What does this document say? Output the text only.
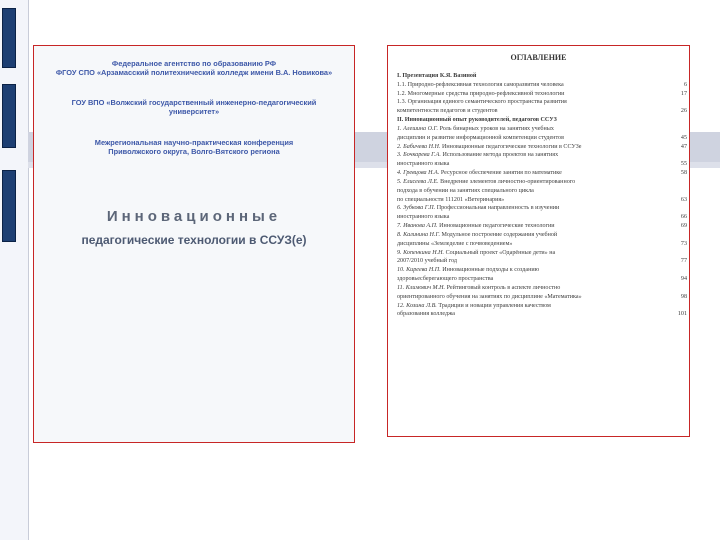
Федеральное агентство по образованию РФ
ФГОУ СПО «Арзамасский политехнический колледж имени В.А. Новикова»
ГОУ ВПО «Волжский государственный инженерно-педагогический
университет»
Межрегиональная научно-практическая конференция
Приволжского округа, Волго-Вятского региона
Инновационные
педагогические технологии в ССУЗ(е)
ОГЛАВЛЕНИЕ
I. Презентация К.Я. Вазиной
1.1. Природно-рефлексивная технология саморазвития человека	6
1.2. Многомерные средства природно-рефлексивной технологии	17
1.3. Организация единого семантического пространства развития
компетентности педагогов и студентов	26
II. Инновационный опыт руководителей, педагогов ССУЗ
1. Алешина О.Г. Роль бинарных уроков на занятиях учебных
дисциплин и развитие информационной компетенции студентов	45
2. Бабичева Н.Н. Инновационные педагогические технологии в ССУЗе	47
3. Бочкарева Г.А. Использование метода проектов на занятиях
иностранного языка	55
4. Гревцова Н.А. Ресурсное обеспечение занятия по математике	58
5. Елисеева Л.Е. Внедрение элементов личностно-ориентированного
подхода в обучении на занятиях специального цикла
по специальности 111201 «Ветеринария»	63
6. Зубкова Г.П. Профессиональная направленность в изучении
иностранного языка	66
7. Иванова А.П. Инновационные педагогические технологии	69
8. Калинина Н.Г. Модульное построение содержания учебной
дисциплины «Земледелие с почвоведением»	73
9. Копенкина Н.Н. Социальный проект «Одарённые дети» на
2007/2010 учебный год	77
10. Киреева Н.П. Инновационные подходы к созданию
здоровьесберегающего пространства	94
11. Климович М.Н. Рейтинговый контроль в аспекте личностно
ориентированного обучения на занятиях по дисциплине «Математика»	98
12. Козина Л.В. Традиции и новации управления качеством
образования колледжа	101
